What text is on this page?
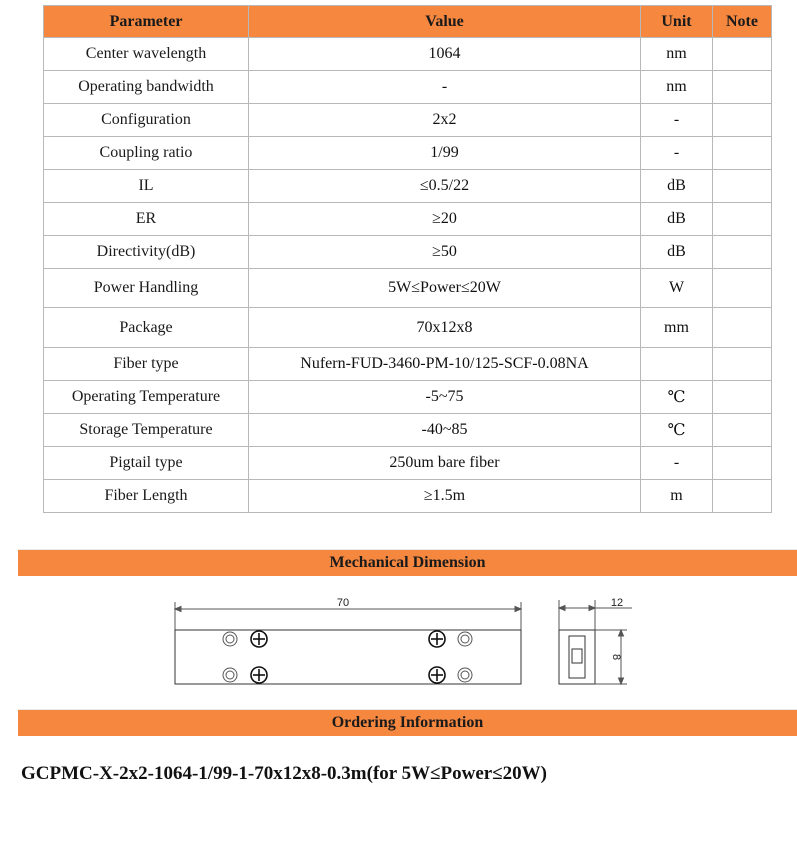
Parameter	Value	Unit	Note
Center wavelength	1064	nm	
Operating bandwidth	-	nm	
Configuration	2x2	-	
Coupling ratio	1/99	-	
IL	≤0.5/22	dB	
ER	≥20	dB	
Directivity(dB)	≥50	dB	
Power Handling	5W≤Power≤20W	W	
Package	70x12x8	mm	
Fiber type	Nufern-FUD-3460-PM-10/125-SCF-0.08NA		
Operating Temperature	-5~75	℃	
Storage Temperature	-40~85	℃	
Pigtail type	250um bare fiber	-	
Fiber Length	≥1.5m	m	
Mechanical Dimension
70	12
8
Ordering Information
GCPMC-X-2x2-1064-1/99-1-70x12x8-0.3m(for 5W≤Power≤20W)
